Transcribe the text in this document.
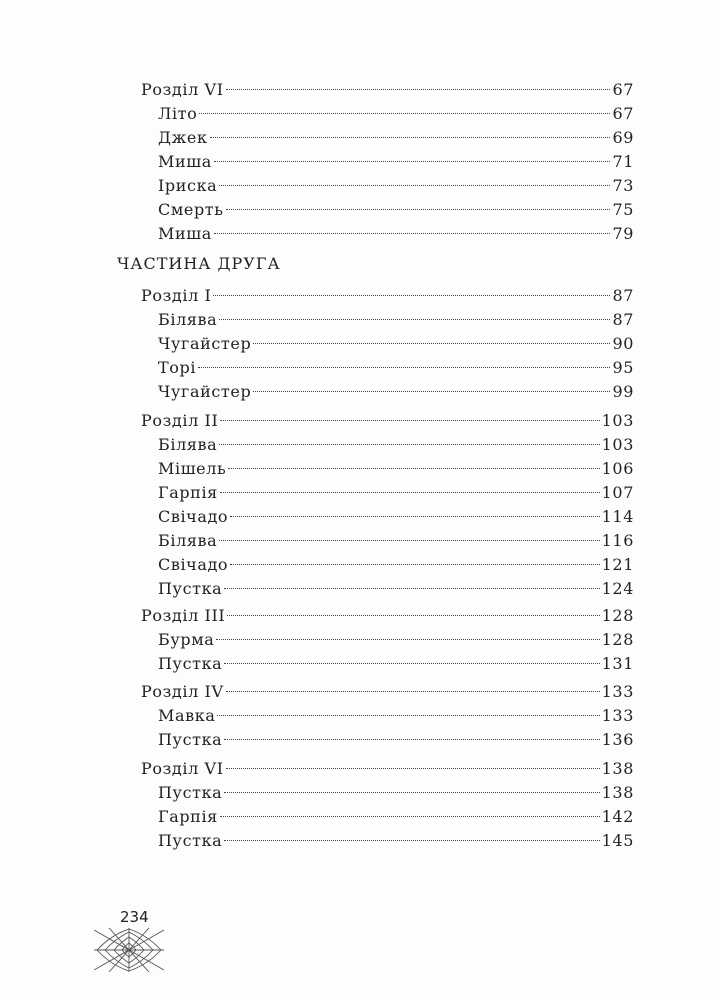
Розділ VI	67
Літо	67
Джек	69
Миша	71
Іриска	73
Смерть	75
Миша	79
ЧАСТИНА ДРУГА
Розділ I	87
Білява	87
Чугайстер	90
Торі	95
Чугайстер	99
Розділ II	103
Білява	103
Мішель	106
Гарпія	107
Свічадо	114
Білява	116
Свічадо	121
Пустка	124
Розділ III	128
Бурма	128
Пустка	131
Розділ IV	133
Мавка	133
Пустка	136
Розділ VI	138
Пустка	138
Гарпія	142
Пустка	145
234
